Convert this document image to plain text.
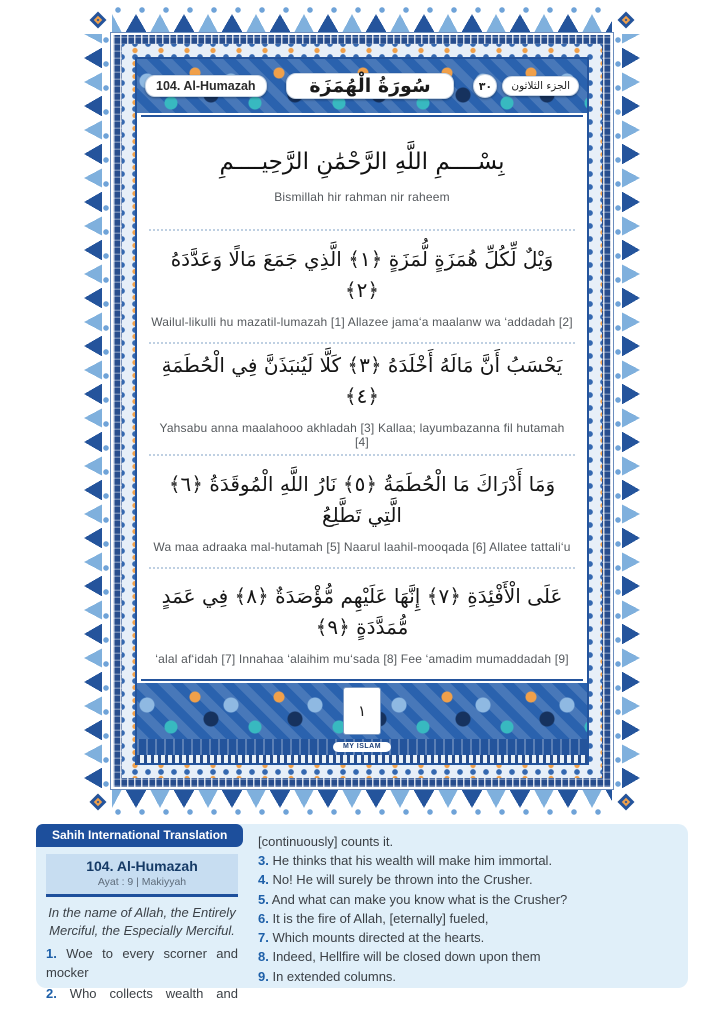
104. Al-Humazah	سُورَةُ الْهُمَزَة	٣٠	الجزء الثلاثون
بِسْــــمِ اللَّهِ الرَّحْمَٰنِ الرَّحِيــــمِ
Bismillah hir rahman nir raheem
وَيْلٌ لِّكُلِّ هُمَزَةٍ لُّمَزَةٍ ﴿١﴾ الَّذِي جَمَعَ مَالًا وَعَدَّدَهُ ﴿٢﴾
Wailul-likulli hu mazatil-lumazah [1] Allazee jama‘a maalanw wa ‘addadah [2]
يَحْسَبُ أَنَّ مَالَهُ أَخْلَدَهُ ﴿٣﴾ كَلَّا لَيُنبَذَنَّ فِي الْحُطَمَةِ ﴿٤﴾
Yahsabu anna maalahooo akhladah [3] Kallaa; layumbazanna fil hutamah [4]
وَمَا أَدْرَاكَ مَا الْحُطَمَةُ ﴿٥﴾ نَارُ اللَّهِ الْمُوقَدَةُ ﴿٦﴾ الَّتِي تَطَّلِعُ
Wa maa adraaka mal-hutamah [5] Naarul laahil-mooqada [6] Allatee tattali‘u
عَلَى الْأَفْئِدَةِ ﴿٧﴾ إِنَّهَا عَلَيْهِم مُّؤْصَدَةٌ ﴿٨﴾ فِي عَمَدٍ مُّمَدَّدَةٍ ﴿٩﴾
‘alal af‘idah [7] Innahaa ‘alaihim mu‘sada [8] Fee ‘amadim mumaddadah [9]
١
MY ISLAM
Sahih International Translation
104. Al-Humazah
Ayat : 9 | Makiyyah
In the name of Allah, the Entirely Merciful, the Especially Merciful.

1. Woe to every scorner and mocker

2. Who collects wealth and

[continuously] counts it.

3. He thinks that his wealth will make him immortal.

4. No! He will surely be thrown into the Crusher.

5. And what can make you know what is the Crusher?

6. It is the fire of Allah, [eternally] fueled,

7. Which mounts directed at the hearts.

8. Indeed, Hellfire will be closed down upon them

9. In extended columns.
